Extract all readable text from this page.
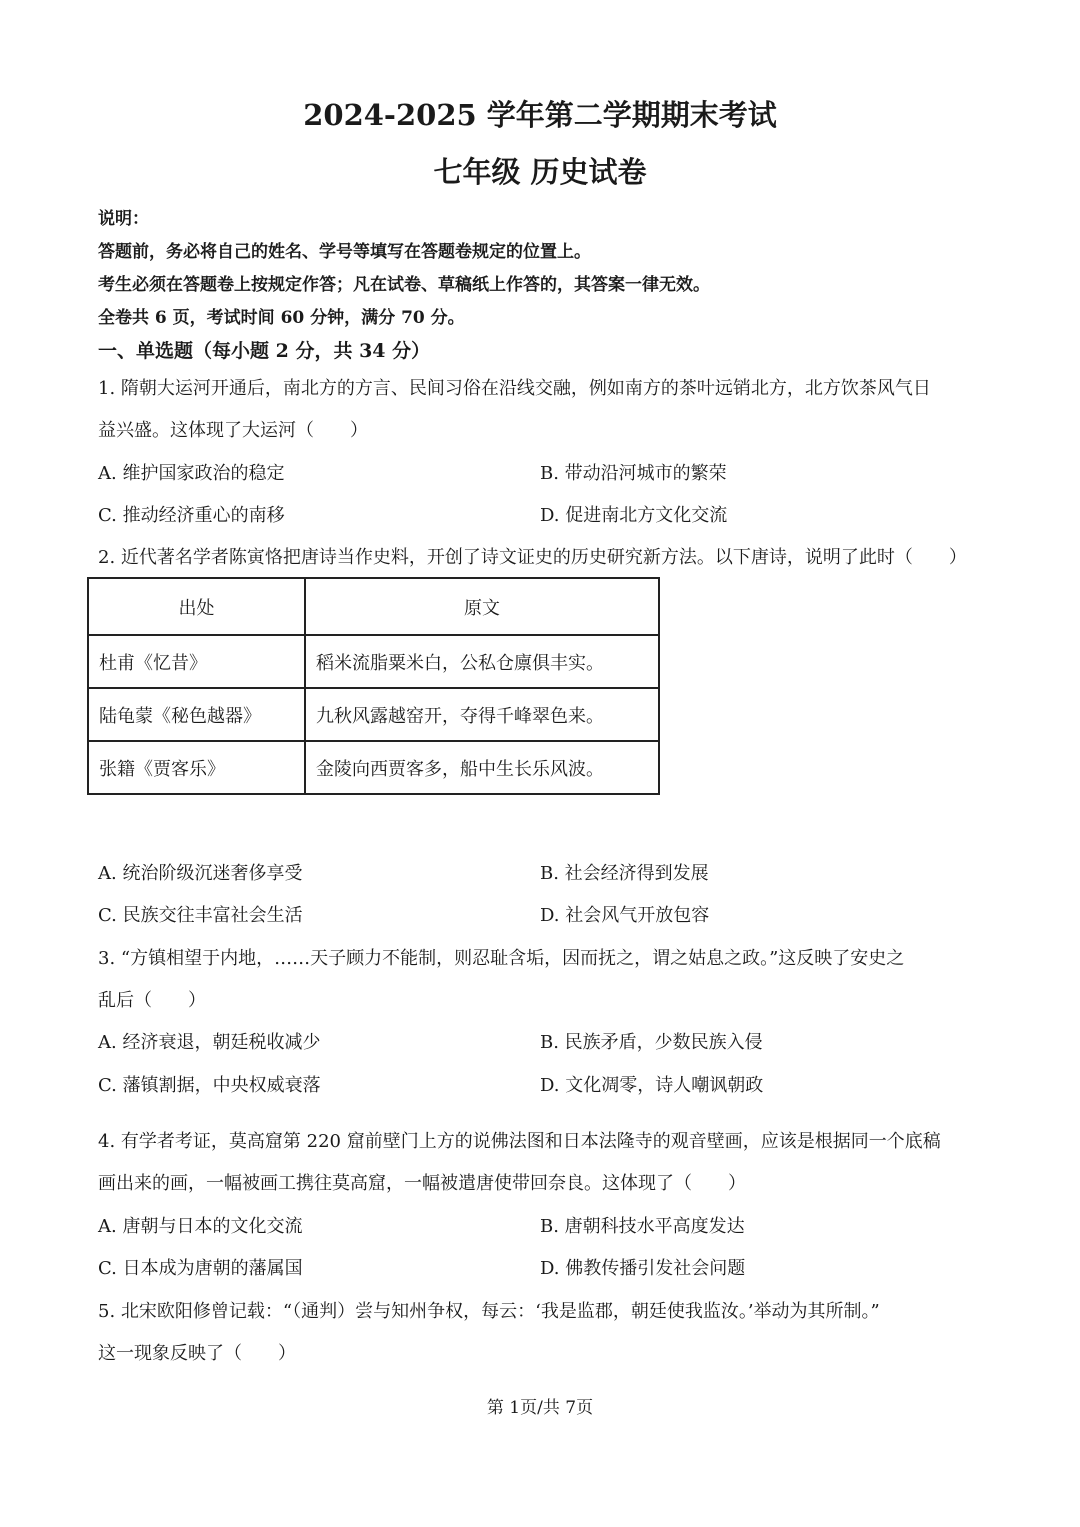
2024-2025 学年第二学期期末考试
七年级 历史试卷
说明：
答题前，务必将自己的姓名、学号等填写在答题卷规定的位置上。
考生必须在答题卷上按规定作答；凡在试卷、草稿纸上作答的，其答案一律无效。
全卷共 6 页，考试时间 60 分钟，满分 70 分。
一、单选题（每小题 2 分，共 34 分）
1. 隋朝大运河开通后，南北方的方言、民间习俗在沿线交融，例如南方的茶叶远销北方，北方饮茶风气日
益兴盛。这体现了大运河（　　）
A. 维护国家政治的稳定	B. 带动沿河城市的繁荣
C. 推动经济重心的南移	D. 促进南北方文化交流
2. 近代著名学者陈寅恪把唐诗当作史料，开创了诗文证史的历史研究新方法。以下唐诗，说明了此时（　　）
出处	原文
杜甫《忆昔》	稻米流脂粟米白，公私仓廪俱丰实。
陆龟蒙《秘色越器》	九秋风露越窑开，夺得千峰翠色来。
张籍《贾客乐》	金陵向西贾客多，船中生长乐风波。
A. 统治阶级沉迷奢侈享受	B. 社会经济得到发展
C. 民族交往丰富社会生活	D. 社会风气开放包容
3. “方镇相望于内地，……天子顾力不能制，则忍耻含垢，因而抚之，谓之姑息之政。”这反映了安史之
乱后（　　）
A. 经济衰退，朝廷税收减少	B. 民族矛盾，少数民族入侵
C. 藩镇割据，中央权威衰落	D. 文化凋零，诗人嘲讽朝政
4. 有学者考证，莫高窟第 220 窟前壁门上方的说佛法图和日本法隆寺的观音壁画，应该是根据同一个底稿
画出来的画，一幅被画工携往莫高窟，一幅被遣唐使带回奈良。这体现了（　　）
A. 唐朝与日本的文化交流	B. 唐朝科技水平高度发达
C. 日本成为唐朝的藩属国	D. 佛教传播引发社会问题
5. 北宋欧阳修曾记载：“（通判）尝与知州争权，每云：‘我是监郡，朝廷使我监汝。’举动为其所制。”
这一现象反映了（　　）
第 1页/共 7页
